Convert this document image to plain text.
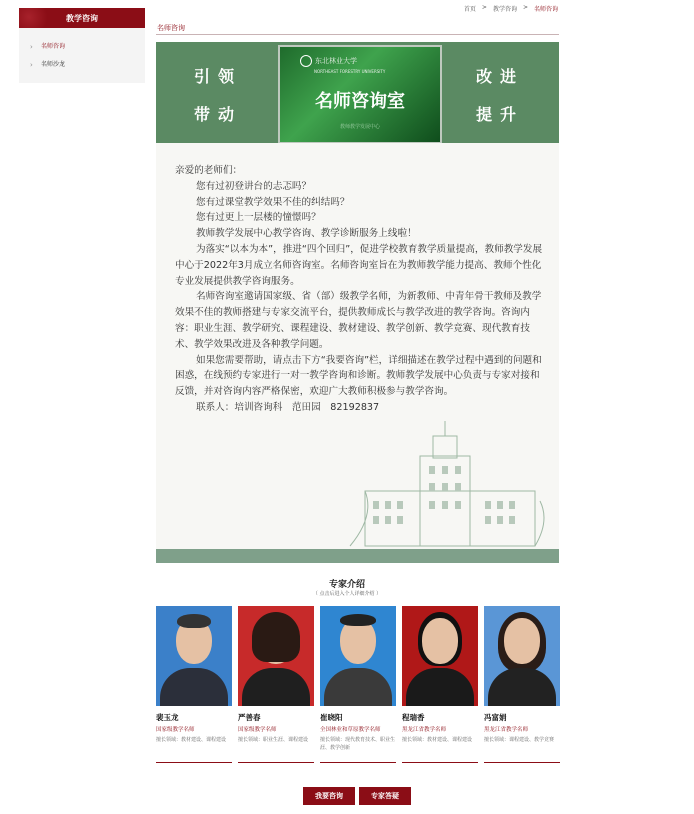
教学咨询
› 名师咨询
› 名师沙龙
首页 > 教学咨询 > 名师咨询
名师咨询
引领
带动
改进
提升
东北林业大学
NORTHEAST FORESTRY UNIVERSITY
名师咨询室
教师教学发展中心

亲爱的老师们：

您有过初登讲台的忐忑吗？

您有过课堂教学效果不佳的纠结吗？

您有过更上一层楼的憧憬吗？

教师教学发展中心教学咨询、教学诊断服务上线啦！

为落实“以本为本”，推进“四个回归”，促进学校教育教学质量提高，教师教学发展中心于2022年3月成立名师咨询室。名师咨询室旨在为教师教学能力提高、教师个性化专业发展提供教学咨询服务。

名师咨询室邀请国家级、省（部）级教学名师，为新教师、中青年骨干教师及教学效果不佳的教师搭建与专家交流平台，提供教师成长与教学改进的教学咨询。咨询内容：职业生涯、教学研究、课程建设、教材建设、教学创新、教学竞赛、现代教育技术、教学效果改进及各种教学问题。

如果您需要帮助，请点击下方“我要咨询”栏，详细描述在教学过程中遇到的问题和困惑，在线预约专家进行一对一教学咨询和诊断。教师教学发展中心负责与专家对接和反馈，并对咨询内容严格保密，欢迎广大教师积极参与教学咨询。

联系人：培训咨询科　范田园　82192837

专家介绍
（ 点击后进入个人详细介绍 ）
裴玉龙
国家级教学名师
擅长领域：教材建设、课程建设
严善春
国家级教学名师
擅长领域：职业生涯、课程建设
崔晓阳
全国林业和草原教学名师
擅长领域：现代教育技术、职业生涯、教学创新
程瑞香
黑龙江省教学名师
擅长领域：教材建设、课程建设
冯富娟
黑龙江省教学名师
擅长领域：课程建设、教学竞赛
我要咨询	专家答疑
